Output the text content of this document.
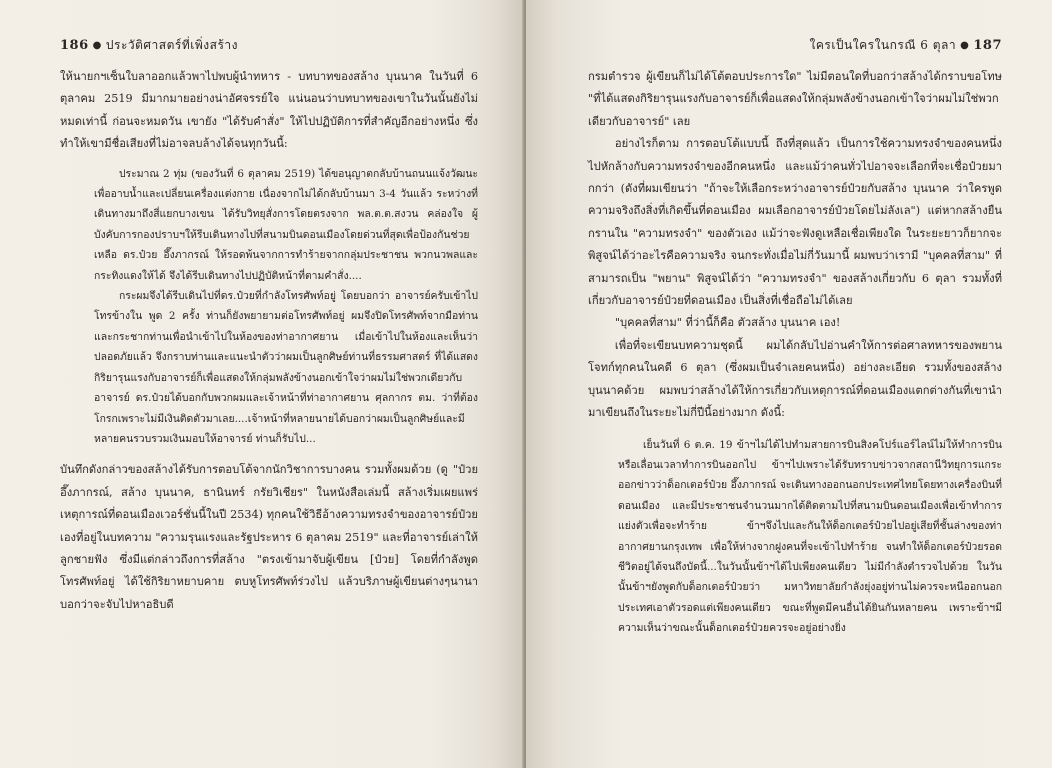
186 ● ประวัติศาสตร์ที่เพิ่งสร้าง

ให้นายกฯเซ็นใบลาออกแล้วพาไปพบผู้นำทหาร - บทบาทของสล้าง บุนนาค ในวันที่ 6 ตุลาคม 2519 มีมากมายอย่างน่าอัศจรรย์ใจ แน่นอนว่าบทบาทของเขาในวันนั้นยังไม่หมดเท่านี้ ก่อนจะหมดวัน เขายัง "ได้รับคำสั่ง" ให้ไปปฏิบัติการที่สำคัญอีกอย่างหนึ่ง ซึ่งทำให้เขามีชื่อเสียงที่ไม่อาจลบล้างได้จนทุกวันนี้:

ประมาณ 2 ทุ่ม (ของวันที่ 6 ตุลาคม 2519) ได้ขอนุญาตกลับบ้านถนนแจ้งวัฒนะ เพื่ออาบน้ำและเปลี่ยนเครื่องแต่งกาย เนื่องจากไม่ได้กลับบ้านมา 3-4 วันแล้ว ระหว่างที่เดินทางมาถึงสี่แยกบางเขน ได้รับวิทยุสั่งการโดยตรงจาก พล.ต.ต.สงวน คล่องใจ ผู้บังคับการกองปราบฯให้รีบเดินทางไปที่สนามบินดอนเมืองโดยด่วนที่สุดเพื่อป้องกันช่วยเหลือ ดร.ป๋วย อึ๊งภากรณ์ ให้รอดพ้นจากการทำร้ายจากกลุ่มประชาชน พวกนวพลและกระทิงแดงให้ได้ จึงได้รีบเดินทางไปปฏิบัติหน้าที่ตามคำสั่ง....

กระผมจึงได้รีบเดินไปที่ดร.ป๋วยที่กำลังโทรศัพท์อยู่ โดยบอกว่า อาจารย์ครับเข้าไปโทรข้างใน พูด 2 ครั้ง ท่านก็ยังพยายามต่อโทรศัพท์อยู่ ผมจึงปิดโทรศัพท์จากมือท่านและกระชากท่านเพื่อนำเข้าไปในห้องของท่าอากาศยาน เมื่อเข้าไปในห้องและเห็นว่าปลอดภัยแล้ว จึงกราบท่านและแนะนำตัวว่าผมเป็นลูกศิษย์ท่านที่ธรรมศาสตร์ ที่ได้แสดงกิริยารุนแรงกับอาจารย์ก็เพื่อแสดงให้กลุ่มพลังข้างนอกเข้าใจว่าผมไม่ใช่พวกเดียวกับอาจารย์ ดร.ป๋วยได้บอกกับพวกผมและเจ้าหน้าที่ท่าอากาศยาน ศุลกากร ตม. ว่าที่ต้องโกรกเพราะไม่มีเงินติดตัวมาเลย....เจ้าหน้าที่หลายนายได้บอกว่าผมเป็นลูกศิษย์และมีหลายคนรวบรวมเงินมอบให้อาจารย์ ท่านก็รับไป...

บันทึกดังกล่าวของสล้างได้รับการตอบโต้จากนักวิชาการบางคน รวมทั้งผมด้วย (ดู "ป๋วย อึ๊งภากรณ์, สล้าง บุนนาค, ธานินทร์ กรัยวิเชียร" ในหนังสือเล่มนี้ สล้างเริ่มเผยแพร่เหตุการณ์ที่ดอนเมืองเวอร์ชั่นนี้ในปี 2534) ทุกคนใช้วิธีอ้างความทรงจำของอาจารย์ป๋วยเองที่อยู่ในบทความ "ความรุนแรงและรัฐประหาร 6 ตุลาคม 2519" และที่อาจารย์เล่าให้ลูกชายฟัง ซึ่งมีแต่กล่าวถึงการที่สล้าง "ตรงเข้ามาจับผู้เขียน [ป๋วย] โดยที่กำลังพูดโทรศัพท์อยู่ ได้ใช้กิริยาหยาบคาย ตบหูโทรศัพท์ร่วงไป แล้วบริภาษผู้เขียนต่างๆนานา บอกว่าจะจับไปหาอธิบดี

ใครเป็นใครในกรณี 6 ตุลา ● 187

กรมตำรวจ ผู้เขียนก็ไม่ได้โต้ตอบประการใด" ไม่มีตอนใดที่บอกว่าสล้างได้กราบขอโทษ "ที่ได้แสดงกิริยารุนแรงกับอาจารย์ก็เพื่อแสดงให้กลุ่มพลังข้างนอกเข้าใจว่าผมไม่ใช่พวกเดียวกับอาจารย์" เลย

อย่างไรก็ตาม การตอบโต้แบบนี้ ถึงที่สุดแล้ว เป็นการใช้ความทรงจำของคนหนึ่งไปหักล้างกับความทรงจำของอีกคนหนึ่ง และแม้ว่าคนทั่วไปอาจจะเลือกที่จะเชื่อป๋วยมากกว่า (ดังที่ผมเขียนว่า "ถ้าจะให้เลือกระหว่างอาจารย์ป๋วยกับสล้าง บุนนาค ว่าใครพูดความจริงถึงสิ่งที่เกิดขึ้นที่ดอนเมือง ผมเลือกอาจารย์ป๋วยโดยไม่ลังเล") แต่หากสล้างยืนกรานใน "ความทรงจำ" ของตัวเอง แม้ว่าจะฟังดูเหลือเชื่อเพียงใด ในระยะยาวก็ยากจะพิสูจน์ได้ว่าอะไรคือความจริง จนกระทั่งเมื่อไม่กี่วันมานี้ ผมพบว่าเรามี "บุคคลที่สาม" ที่สามารถเป็น "พยาน" พิสูจน์ได้ว่า "ความทรงจำ" ของสล้างเกี่ยวกับ 6 ตุลา รวมทั้งที่เกี่ยวกับอาจารย์ป๋วยที่ดอนเมือง เป็นสิ่งที่เชื่อถือไม่ได้เลย

"บุคคลที่สาม" ที่ว่านี้ก็คือ ตัวสล้าง บุนนาค เอง!

เพื่อที่จะเขียนบทความชุดนี้ ผมได้กลับไปอ่านคำให้การต่อศาลทหารของพยานโจทก์ทุกคนในคดี 6 ตุลา (ซึ่งผมเป็นจำเลยคนหนึ่ง) อย่างละเอียด รวมทั้งของสล้าง บุนนาคด้วย ผมพบว่าสล้างได้ให้การเกี่ยวกับเหตุการณ์ที่ดอนเมืองแตกต่างกันที่เขานำมาเขียนถึงในระยะไม่กี่ปีนี้อย่างมาก ดังนี้:

เย็นวันที่ 6 ต.ค. 19 ข้าฯไม่ได้ไปทำมสายการบินสิงคโปร์แอร์ไลน์ไม่ให้ทำการบิน หรือเลื่อนเวลาทำการบินออกไป ข้าฯไปเพราะได้รับทราบข่าวจากสถานีวิทยุการแกระออกข่าวว่าด็อกเตอร์ป๋วย อึ๊งภากรณ์ จะเดินทางออกนอกประเทศไทยโดยทางเครื่องบินที่ดอนเมือง และมีประชาชนจำนวนมากได้ติดตามไปที่สนามบินดอนเมืองเพื่อเข้าทำการแย่งตัวเพื่อจะทำร้าย ข้าฯจึงไปและกันให้ด็อกเตอร์ป๋วยไปอยู่เสียที่ชั้นล่างของท่าอากาศยานกรุงเทพ เพื่อให้ห่างจากฝูงคนที่จะเข้าไปทำร้าย จนทำให้ด็อกเตอร์ป๋วยรอดชีวิตอยู่ได้จนถึงบัดนี้...ในวันนั้นข้าฯได้ไปเพียงคนเดียว ไม่มีกำลังตำรวจไปด้วย ในวันนั้นข้าฯยังพูดกับด็อกเตอร์ป๋วยว่า มหาวิทยาลัยกำลังยุ่งอยู่ท่านไม่ควรจะหนีออกนอกประเทศเอาตัวรอดแต่เพียงคนเดียว ขณะที่พูดมีคนอื่นได้ยินกันหลายคน เพราะข้าฯมีความเห็นว่าขณะนั้นด็อกเตอร์ป๋วยควรจะอยู่อย่างยิ่ง
